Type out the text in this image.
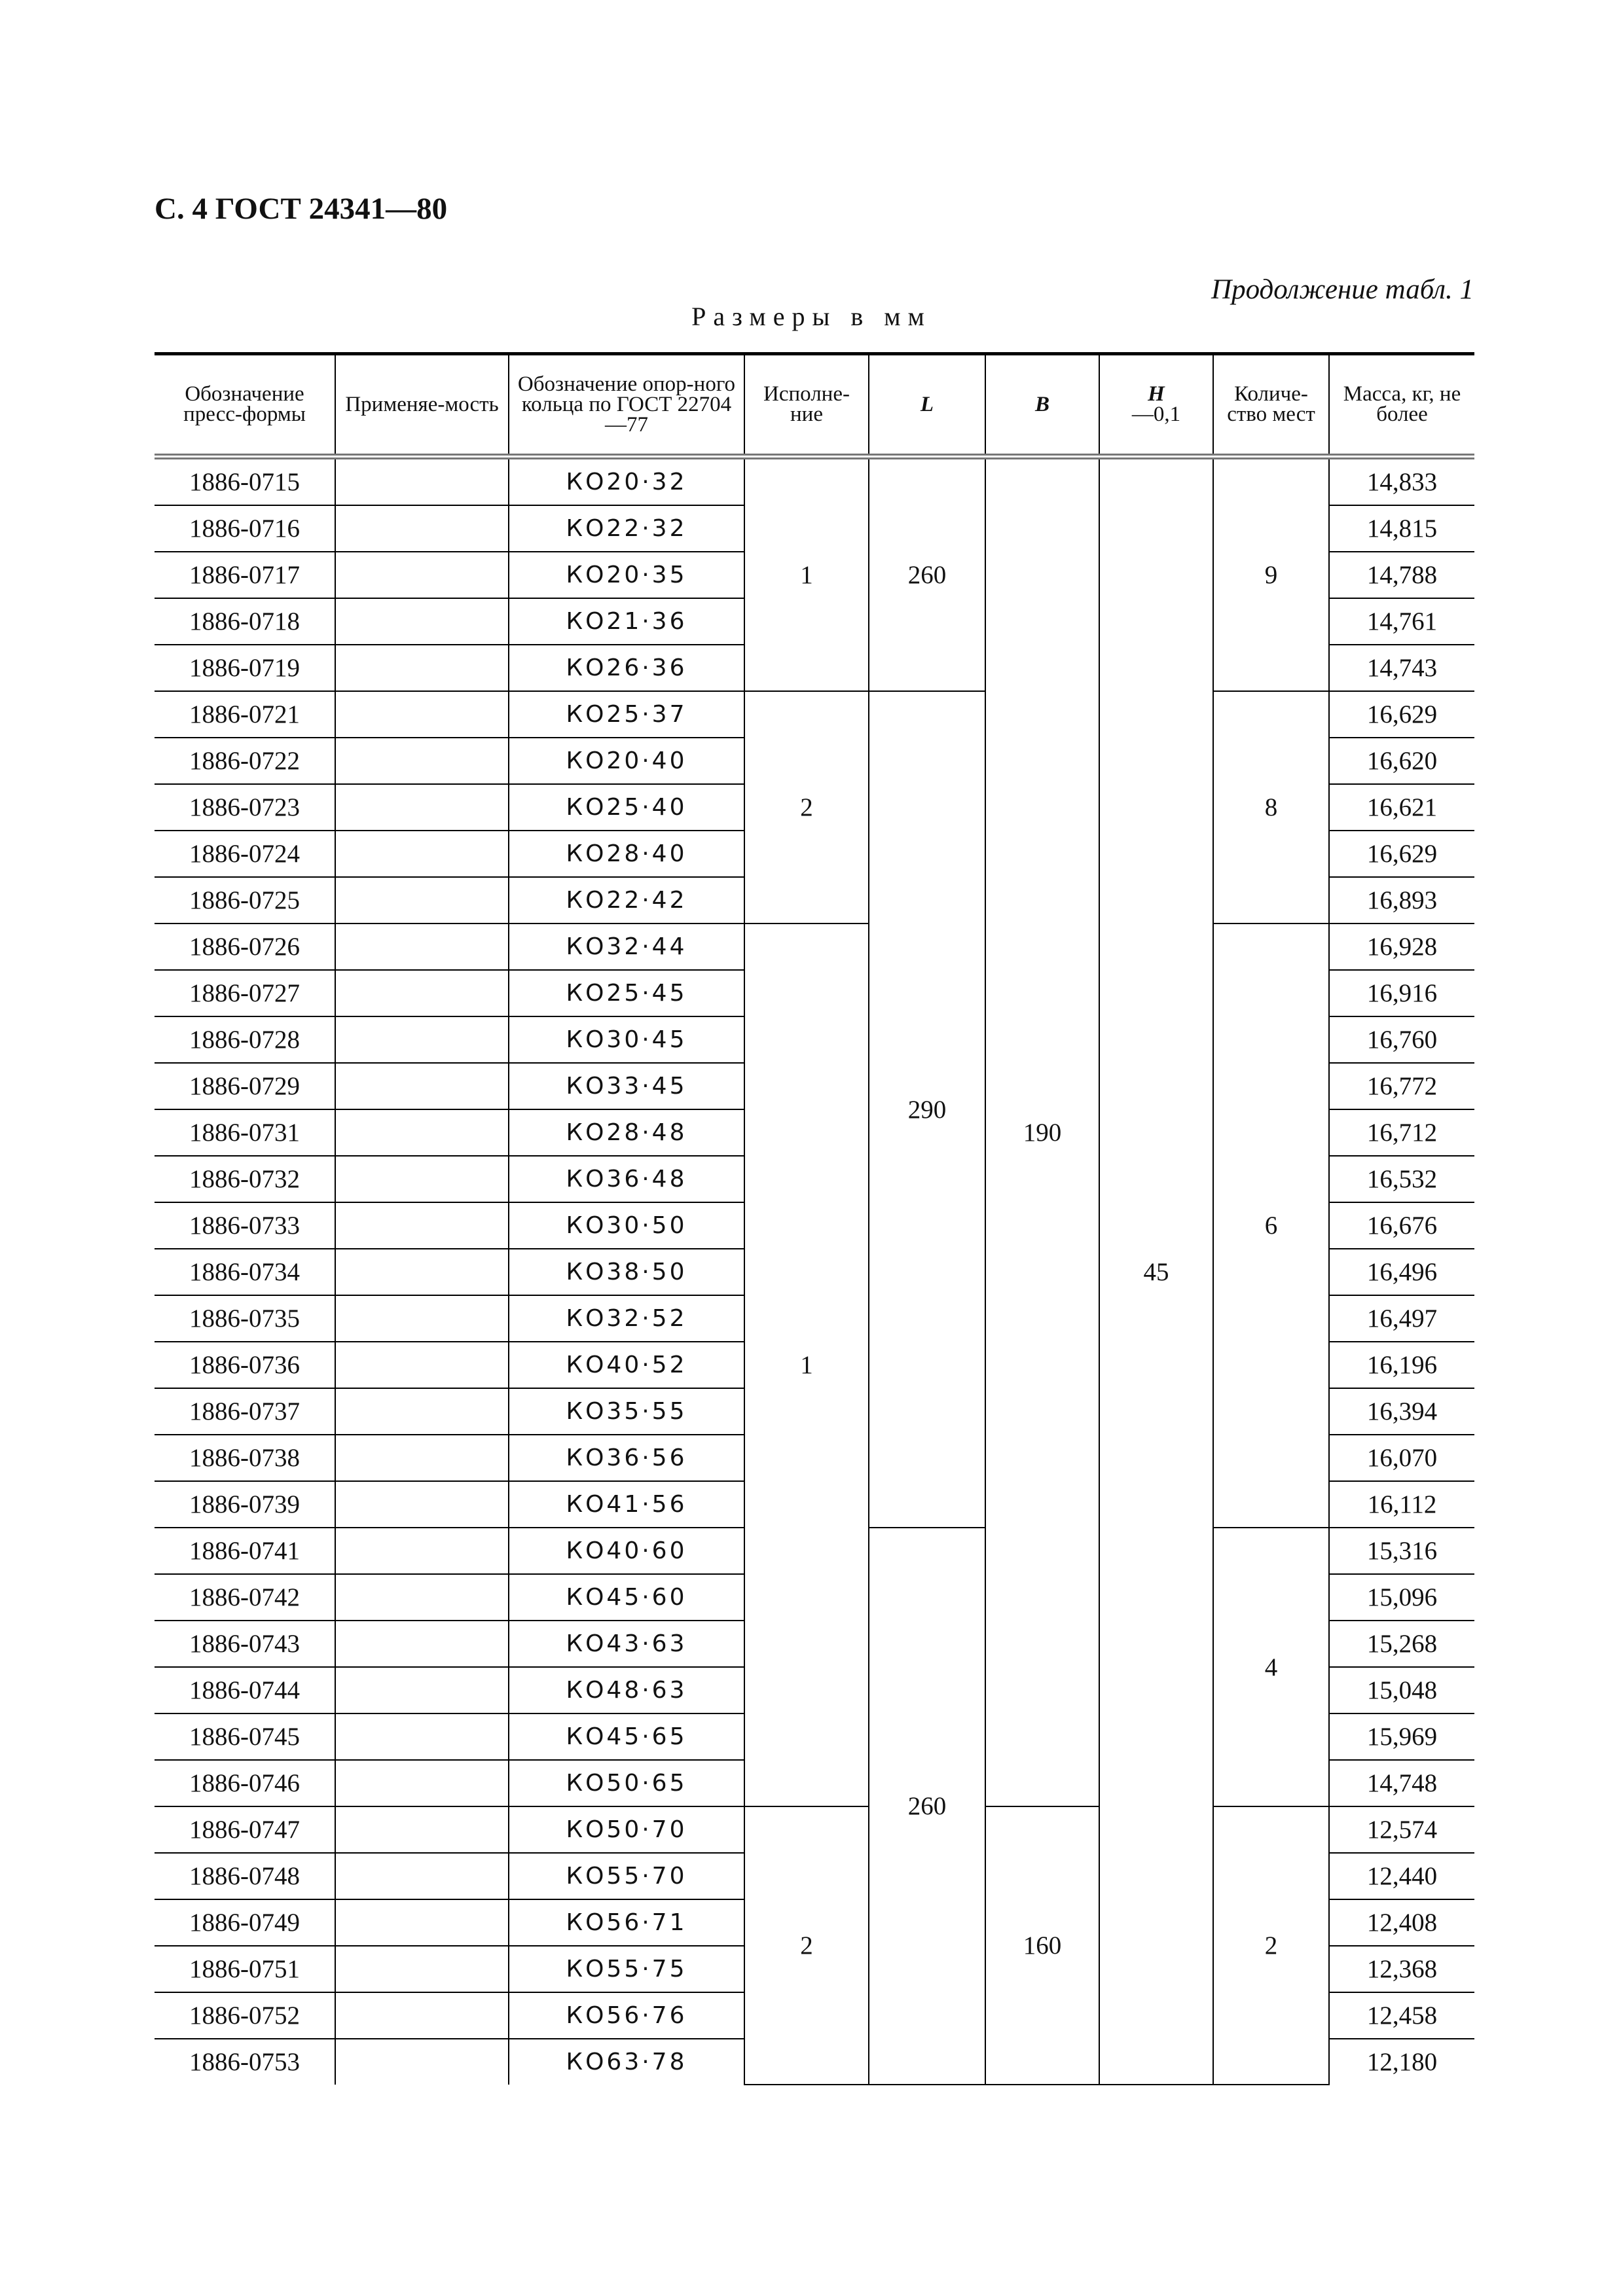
С. 4 ГОСТ 24341—80
Продолжение табл. 1
Размеры в мм
Обозначение пресс-формы	Применяе-мость	Обозначение опор-ного кольца по ГОСТ 22704—77	Исполне-ние	L	B	H
—0,1	Количе-ство мест	Масса, кг, не более
1886-0715		КО20·32	1	260	190	45	9	14,833
1886-0716		КО22·32						14,815
1886-0717		КО20·35						14,788
1886-0718		КО21·36						14,761
1886-0719		КО26·36						14,743
1886-0721		КО25·37	2	290			8	16,629
1886-0722		КО20·40						16,620
1886-0723		КО25·40						16,621
1886-0724		КО28·40						16,629
1886-0725		КО22·42						16,893
1886-0726		КО32·44	1				6	16,928
1886-0727		КО25·45						16,916
1886-0728		КО30·45						16,760
1886-0729		КО33·45						16,772
1886-0731		КО28·48						16,712
1886-0732		КО36·48						16,532
1886-0733		КО30·50						16,676
1886-0734		КО38·50						16,496
1886-0735		КО32·52						16,497
1886-0736		КО40·52						16,196
1886-0737		КО35·55						16,394
1886-0738		КО36·56						16,070
1886-0739		КО41·56						16,112
1886-0741		КО40·60		260			4	15,316
1886-0742		КО45·60						15,096
1886-0743		КО43·63						15,268
1886-0744		КО48·63						15,048
1886-0745		КО45·65						15,969
1886-0746		КО50·65						14,748
1886-0747		КО50·70	2		160		2	12,574
1886-0748		КО55·70						12,440
1886-0749		КО56·71						12,408
1886-0751		КО55·75						12,368
1886-0752		КО56·76						12,458
1886-0753		КО63·78						12,180
